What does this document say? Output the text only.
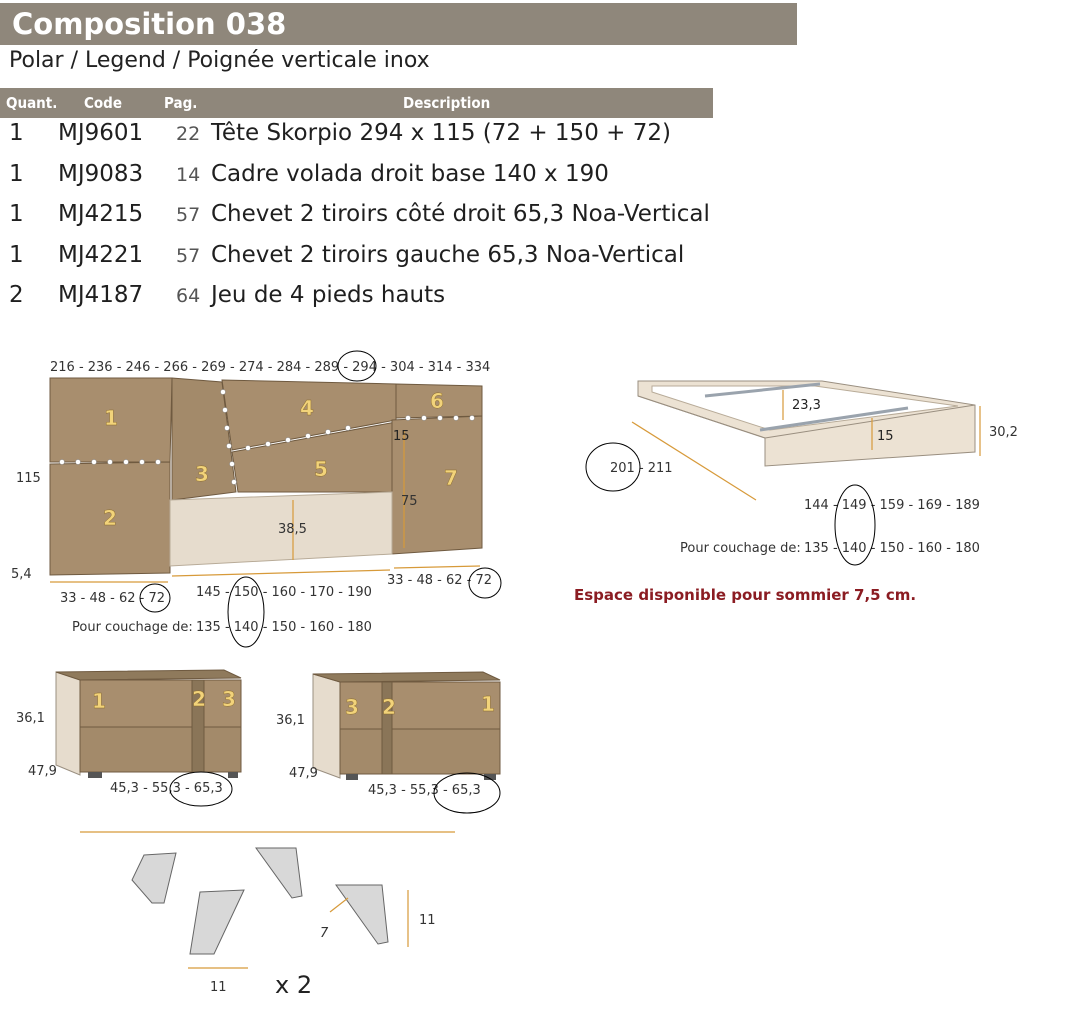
Composition 038
Polar / Legend / Poignée verticale inox
Quant. Code	Pag.	Description
1 MJ9601 22 Tête Skorpio 294 x 115 (72 + 150 + 72)
1 MJ9083 14 Cadre volada droit base 140 x 190
1 MJ4215 57 Chevet 2 tiroirs côté droit 65,3 Noa-Vertical
1 MJ4221 57 Chevet 2 tiroirs gauche 65,3 Noa-Vertical
2 MJ4187 64 Jeu de 4 pieds hauts
Espace disponible pour sommier 7,5 cm.
216 - 236 - 246 - 266 - 269 - 274 - 284 - 289 - 294 - 304 - 314 - 334
1
2
3
4
5
6
7
115
5,4
38,5
75
15
33 - 48 - 62 - 72
33 - 48 - 62 - 72
145 - 150 - 160 - 170 - 190
Pour couchage de: 135 - 140 - 150 - 160 - 180
23,3
15	30,2
201 - 211
144 - 149 - 159 - 169 - 189
Pour couchage de: 135 - 140 - 150 - 160 - 180
1	2 3
36,1
47,9
45,3 - 55,3 - 65,3
3 2	1
36,1
47,9
45,3 - 55,3 - 65,3
7
11
11 x 2
